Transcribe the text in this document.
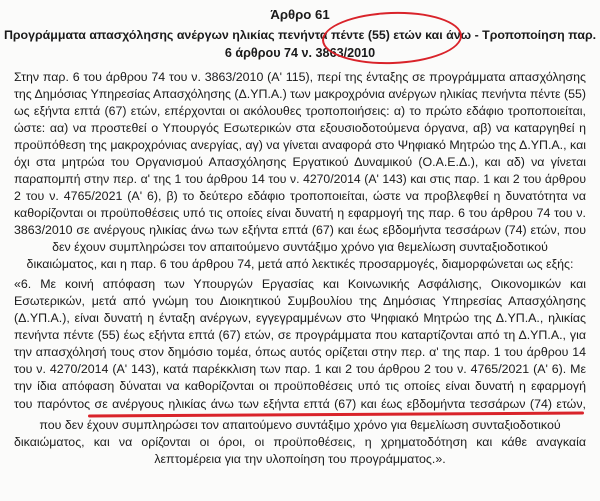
Άρθρο 61
Προγράμματα απασχόλησης ανέργων ηλικίας πενήντα πέντε (55) ετών και άνω - Τροποποίηση παρ.
6 άρθρου 74 ν. 3863/2010
Στην παρ. 6 του άρθρου 74 του ν. 3863/2010 (Α' 115), περί της ένταξης σε προγράμματα απασχόλησης
της Δημόσιας Υπηρεσίας Απασχόλησης (Δ.ΥΠ.Α.) των μακροχρόνια ανέργων ηλικίας πενήντα πέντε (55)
ως εξήντα επτά (67) ετών, επέρχονται οι ακόλουθες τροποποιήσεις: α) το πρώτο εδάφιο τροποποιείται,
ώστε: αα) να προστεθεί ο Υπουργός Εσωτερικών στα εξουσιοδοτούμενα όργανα, αβ) να καταργηθεί η
προϋπόθεση της μακροχρόνιας ανεργίας, αγ) να γίνεται αναφορά στο Ψηφιακό Μητρώο της Δ.ΥΠ.Α., και
όχι στα μητρώα του Οργανισμού Απασχόλησης Εργατικού Δυναμικού (Ο.Α.Ε.Δ.), και αδ) να γίνεται
παραπομπή στην περ. α' της 1 του άρθρου 14 του ν. 4270/2014 (Α' 143) και στις παρ. 1 και 2 του άρθρου
2 του ν. 4765/2021 (Α' 6), β) το δεύτερο εδάφιο τροποποιείται, ώστε να προβλεφθεί η δυνατότητα να
καθορίζονται οι προϋποθέσεις υπό τις οποίες είναι δυνατή η εφαρμογή της παρ. 6 του άρθρου 74 του ν.
3863/2010 σε ανέργους ηλικίας άνω των εξήντα επτά (67) και έως εβδομήντα τεσσάρων (74) ετών, που
δεν έχουν συμπληρώσει τον απαιτούμενο συντάξιμο χρόνο για θεμελίωση συνταξιοδοτικού
δικαιώματος, και η παρ. 6 του άρθρου 74, μετά από λεκτικές προσαρμογές, διαμορφώνεται ως εξής:
«6. Με κοινή απόφαση των Υπουργών Εργασίας και Κοινωνικής Ασφάλισης, Οικονομικών και
Εσωτερικών, μετά από γνώμη του Διοικητικού Συμβουλίου της Δημόσιας Υπηρεσίας Απασχόλησης
(Δ.ΥΠ.Α.), είναι δυνατή η ένταξη ανέργων, εγγεγραμμένων στο Ψηφιακό Μητρώο της Δ.ΥΠ.Α., ηλικίας
πενήντα πέντε (55) έως εξήντα επτά (67) ετών, σε προγράμματα που καταρτίζονται από τη Δ.ΥΠ.Α., για
την απασχόλησή τους στον δημόσιο τομέα, όπως αυτός ορίζεται στην περ. α' της παρ. 1 του άρθρου 14
του ν. 4270/2014 (Α' 143), κατά παρέκκλιση των παρ. 1 και 2 του άρθρου 2 του ν. 4765/2021 (Α' 6). Με
την ίδια απόφαση δύναται να καθορίζονται οι προϋποθέσεις υπό τις οποίες είναι δυνατή η εφαρμογή
του παρόντος σε ανέργους ηλικίας άνω των εξήντα επτά (67) και έως εβδομήντα τεσσάρων (74) ετών,
που δεν έχουν συμπληρώσει τον απαιτούμενο συντάξιμο χρόνο για θεμελίωση συνταξιοδοτικού
δικαιώματος, και να ορίζονται οι όροι, οι προϋποθέσεις, η χρηματοδότηση και κάθε αναγκαία
λεπτομέρεια για την υλοποίηση του προγράμματος.».
